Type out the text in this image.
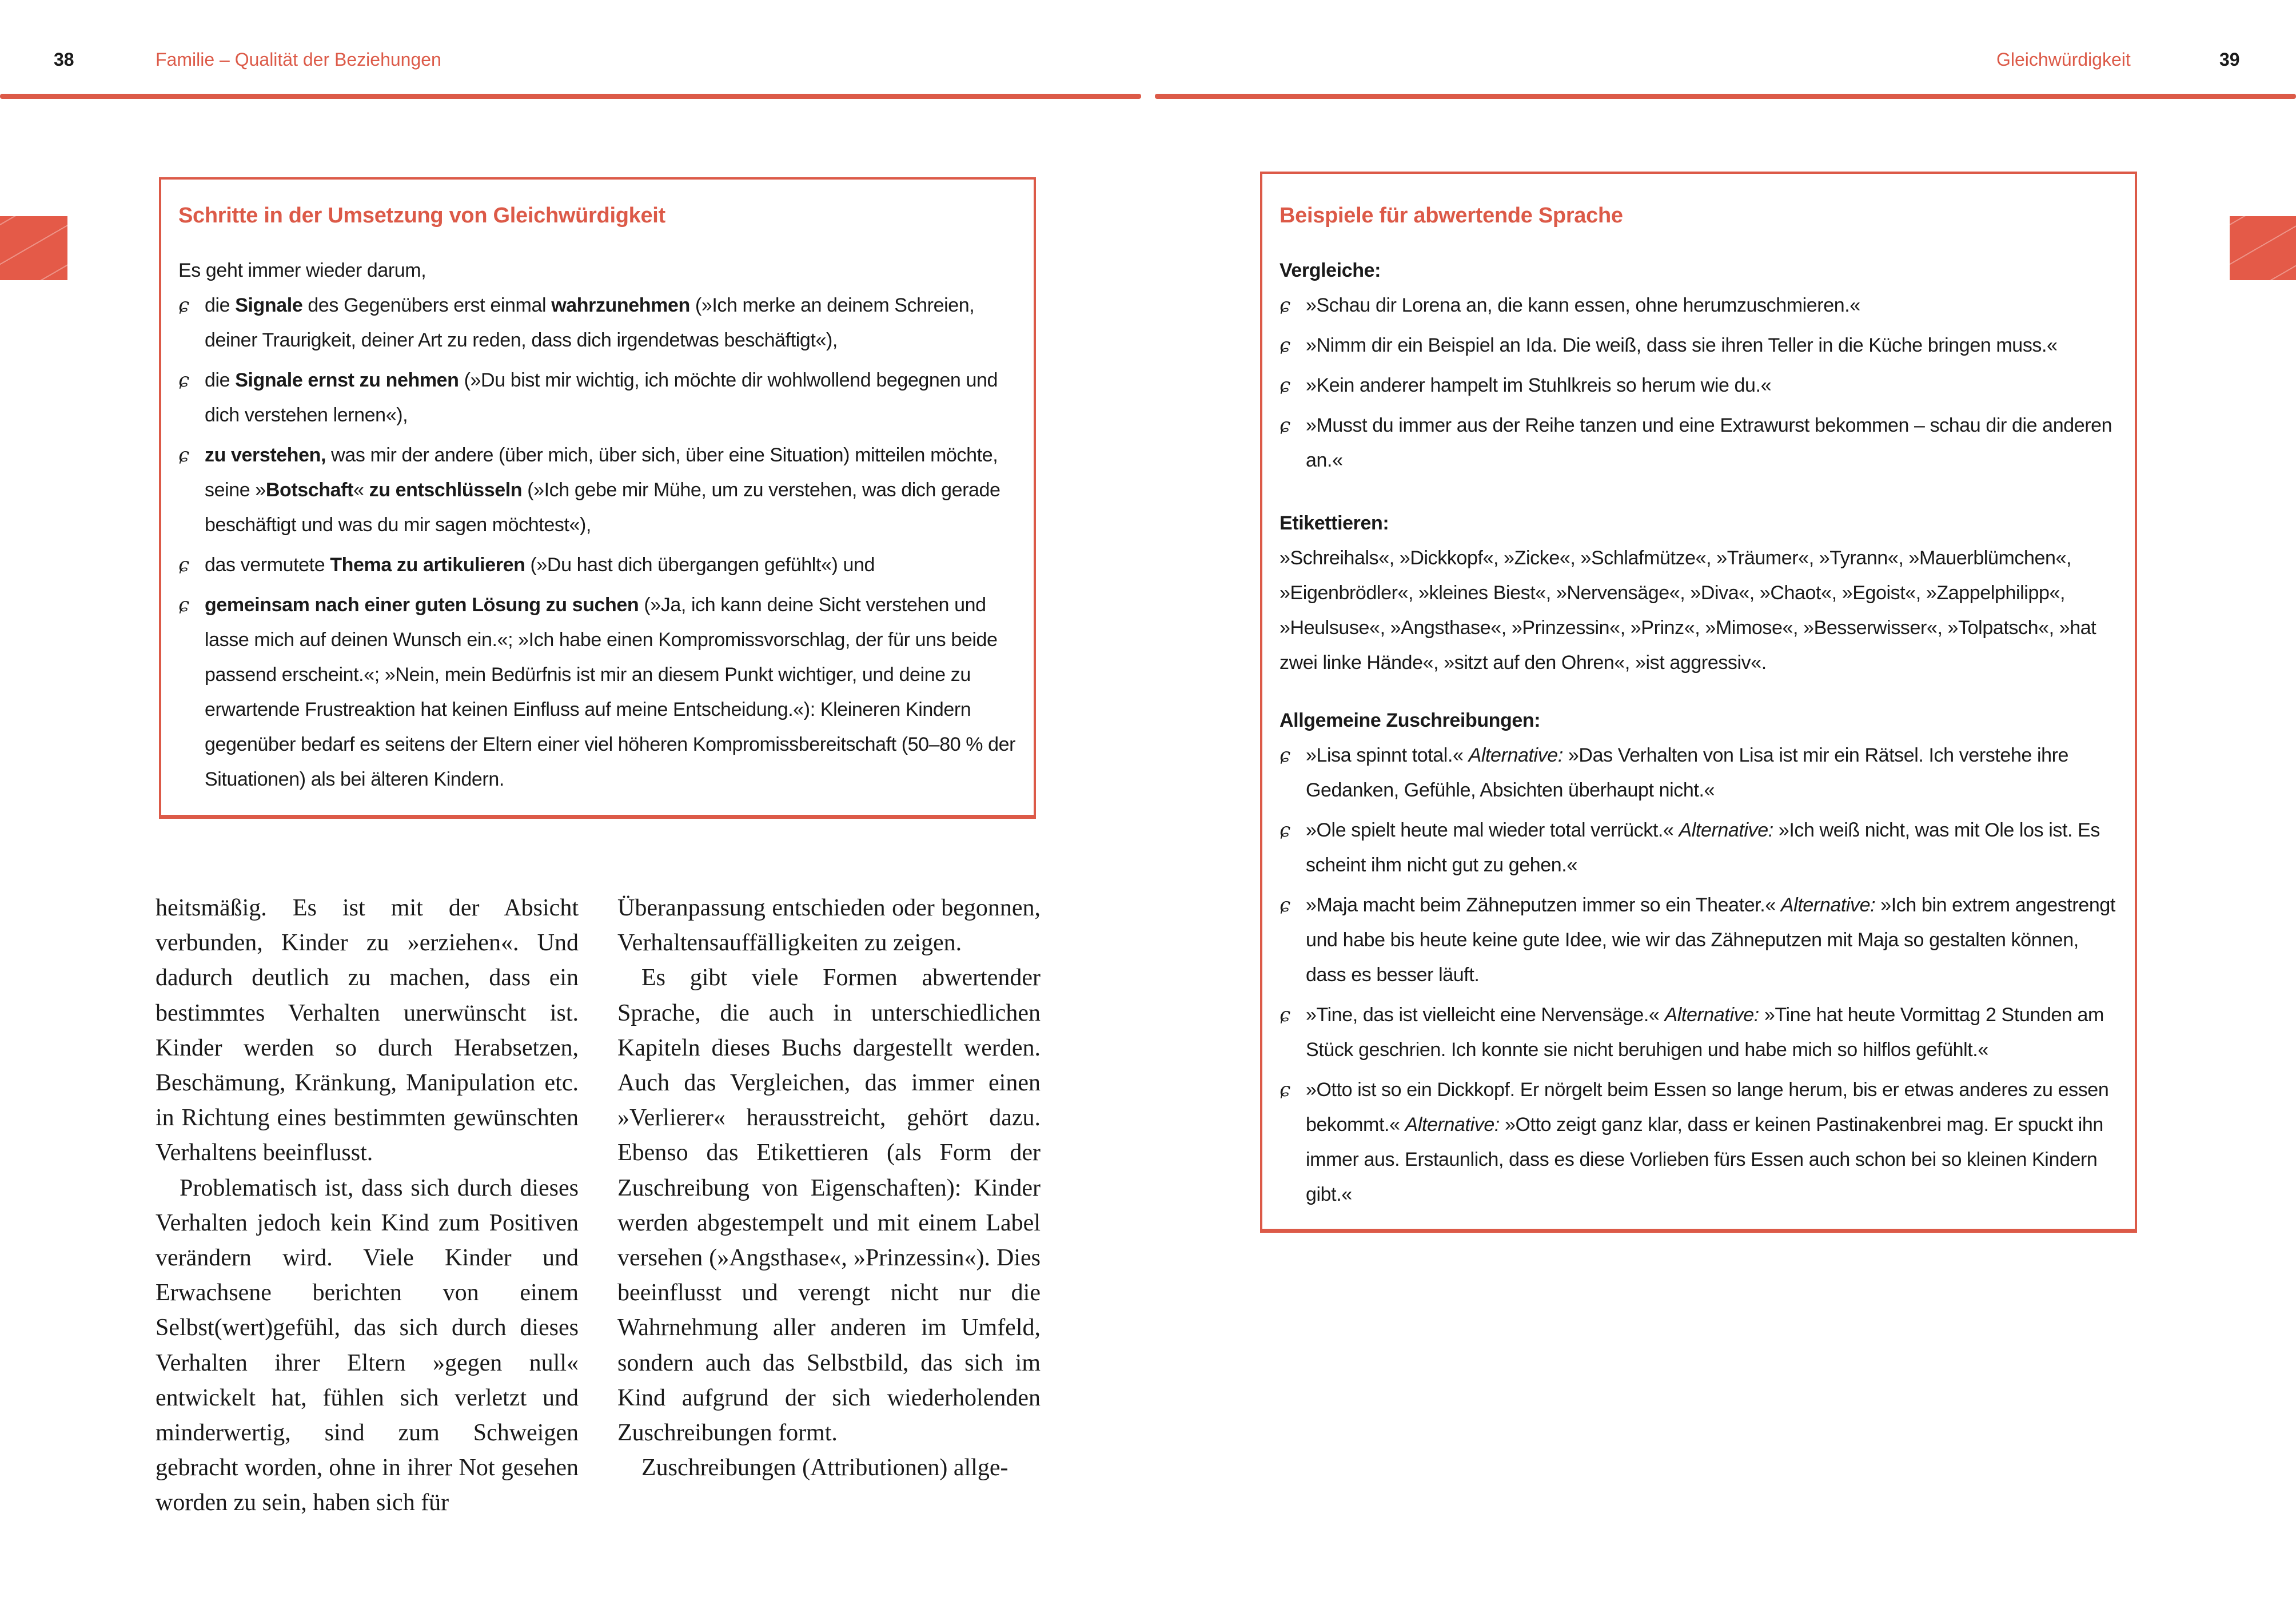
38	Familie – Qualität der Beziehungen	Gleichwürdigkeit	39
Schritte in der Umsetzung von Gleichwürdigkeit
Es geht immer wieder darum,
ɕ die Signale des Gegenübers erst einmal wahrzunehmen (»Ich merke an deinem Schreien, deiner Traurigkeit, deiner Art zu reden, dass dich irgendetwas beschäftigt«),
ɕ die Signale ernst zu nehmen (»Du bist mir wichtig, ich möchte dir wohlwollend begegnen und dich verstehen lernen«),
ɕ zu verstehen, was mir der andere (über mich, über sich, über eine Situation) mitteilen möchte, seine »Botschaft« zu entschlüsseln (»Ich gebe mir Mühe, um zu verstehen, was dich gerade beschäftigt und was du mir sagen möchtest«),
ɕ das vermutete Thema zu artikulieren (»Du hast dich übergangen gefühlt«) und
ɕ gemeinsam nach einer guten Lösung zu suchen (»Ja, ich kann deine Sicht verstehen und lasse mich auf deinen Wunsch ein.«; »Ich habe einen Kompromissvorschlag, der für uns beide passend erscheint.«; »Nein, mein Bedürfnis ist mir an diesem Punkt wichtiger, und deine zu erwartende Frustreaktion hat keinen Einfluss auf meine Entscheidung.«): Kleineren Kindern gegenüber bedarf es seitens der Eltern einer viel höheren Kompromissbereitschaft (50–80 % der Situationen) als bei älteren Kindern.

heitsmäßig. Es ist mit der Absicht verbunden, Kinder zu »erziehen«. Und dadurch deutlich zu machen, dass ein bestimmtes Verhalten unerwünscht ist. Kinder werden so durch Herabsetzen, Beschämung, Kränkung, Manipulation etc. in Richtung eines bestimmten gewünschten Verhaltens beeinflusst.

Problematisch ist, dass sich durch dieses Verhalten jedoch kein Kind zum Positiven verändern wird. Viele Kinder und Erwachsene berichten von einem Selbst(wert)gefühl, das sich durch dieses Verhalten ihrer Eltern »gegen null« entwickelt hat, fühlen sich verletzt und minderwertig, sind zum Schweigen gebracht worden, ohne in ihrer Not gesehen worden zu sein, haben sich für

Überanpassung entschieden oder begonnen, Verhaltensauffälligkeiten zu zeigen.

Es gibt viele Formen abwertender Sprache, die auch in unterschiedlichen Kapiteln dieses Buchs dargestellt werden. Auch das Vergleichen, das immer einen »Verlierer« herausstreicht, gehört dazu. Ebenso das Etikettieren (als Form der Zuschreibung von Eigenschaften): Kinder werden abgestempelt und mit einem Label versehen (»Angsthase«, »Prinzessin«). Dies beeinflusst und verengt nicht nur die Wahrnehmung aller anderen im Umfeld, sondern auch das Selbstbild, das sich im Kind aufgrund der sich wiederholenden Zuschreibungen formt.

Zuschreibungen (Attributionen) allge-

Beispiele für abwertende Sprache
Vergleiche:
ɕ »Schau dir Lorena an, die kann essen, ohne herumzuschmieren.«
ɕ »Nimm dir ein Beispiel an Ida. Die weiß, dass sie ihren Teller in die Küche bringen muss.«
ɕ »Kein anderer hampelt im Stuhlkreis so herum wie du.«
ɕ »Musst du immer aus der Reihe tanzen und eine Extrawurst bekommen – schau dir die anderen an.«
Etikettieren:
»Schreihals«, »Dickkopf«, »Zicke«, »Schlafmütze«, »Träumer«, »Tyrann«, »Mauerblümchen«, »Eigenbrödler«, »kleines Biest«, »Nervensäge«, »Diva«, »Chaot«, »Egoist«, »Zappelphilipp«, »Heulsuse«, »Angsthase«, »Prinzessin«, »Prinz«, »Mimose«, »Besserwisser«, »Tolpatsch«, »hat zwei linke Hände«, »sitzt auf den Ohren«, »ist aggressiv«.
Allgemeine Zuschreibungen:
ɕ »Lisa spinnt total.« Alternative: »Das Verhalten von Lisa ist mir ein Rätsel. Ich verstehe ihre Gedanken, Gefühle, Absichten überhaupt nicht.«
ɕ »Ole spielt heute mal wieder total verrückt.« Alternative: »Ich weiß nicht, was mit Ole los ist. Es scheint ihm nicht gut zu gehen.«
ɕ »Maja macht beim Zähneputzen immer so ein Theater.« Alternative: »Ich bin extrem angestrengt und habe bis heute keine gute Idee, wie wir das Zähneputzen mit Maja so gestalten können, dass es besser läuft.
ɕ »Tine, das ist vielleicht eine Nervensäge.« Alternative: »Tine hat heute Vormittag 2 Stunden am Stück geschrien. Ich konnte sie nicht beruhigen und habe mich so hilflos gefühlt.«
ɕ »Otto ist so ein Dickkopf. Er nörgelt beim Essen so lange herum, bis er etwas anderes zu essen bekommt.« Alternative: »Otto zeigt ganz klar, dass er keinen Pastinakenbrei mag. Er spuckt ihn immer aus. Erstaunlich, dass es diese Vorlieben fürs Essen auch schon bei so kleinen Kindern gibt.«
